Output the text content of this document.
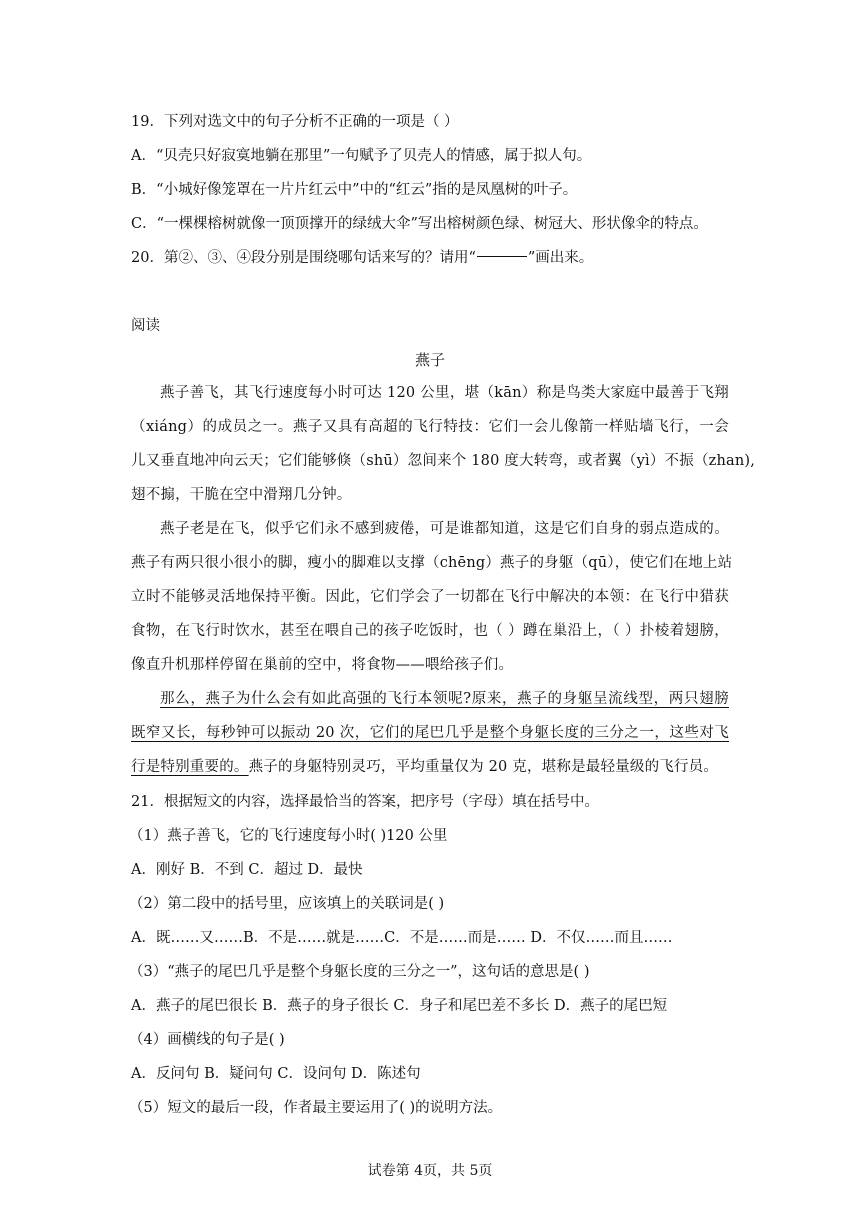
19．下列对选文中的句子分析不正确的一项是（ ）
A．“贝壳只好寂寞地躺在那里”一句赋予了贝壳人的情感，属于拟人句。
B．“小城好像笼罩在一片片红云中”中的“红云”指的是凤凰树的叶子。
C．“一棵棵榕树就像一顶顶撑开的绿绒大伞”写出榕树颜色绿、树冠大、形状像伞的特点。
20．第②、③、④段分别是围绕哪句话来写的？请用“	”画出来。
阅读
燕子
燕子善飞，其飞行速度每小时可达 120 公里，堪（kān）称是鸟类大家庭中最善于飞翔
（xiáng）的成员之一。燕子又具有高超的飞行特技：它们一会儿像箭一样贴墙飞行，一会
儿又垂直地冲向云天；它们能够倏（shū）忽间来个 180 度大转弯，或者翼（yì）不振（zhan),
翅不搧，干脆在空中滑翔几分钟。
燕子老是在飞，似乎它们永不感到疲倦，可是谁都知道，这是它们自身的弱点造成的。
燕子有两只很小很小的脚，瘦小的脚难以支撑（chēng）燕子的身躯（qū），使它们在地上站
立时不能够灵活地保持平衡。因此，它们学会了一切都在飞行中解决的本领：在飞行中猎获
食物，在飞行时饮水，甚至在喂自己的孩子吃饭时，也（ ）蹲在巢沿上，（ ）扑棱着翅膀，
像直升机那样停留在巢前的空中，将食物——喂给孩子们。
那么，燕子为什么会有如此高强的飞行本领呢?原来，燕子的身躯呈流线型，两只翅膀
既窄又长，每秒钟可以振动 20 次，它们的尾巴几乎是整个身躯长度的三分之一，这些对飞
行是特别重要的。燕子的身躯特别灵巧，平均重量仅为 20 克，堪称是最轻量级的飞行员。
21．根据短文的内容，选择最恰当的答案，把序号（字母）填在括号中。
（1）燕子善飞，它的飞行速度每小时( )120 公里
A．刚好 B．不到 C．超过 D．最快
（2）第二段中的括号里，应该填上的关联词是( )
A．既……又……B．不是……就是……C．不是……而是…… D．不仅……而且……
（3）“燕子的尾巴几乎是整个身躯长度的三分之一”，这句话的意思是( )
A．燕子的尾巴很长 B．燕子的身子很长 C．身子和尾巴差不多长 D．燕子的尾巴短
（4）画横线的句子是( )
A．反问句 B．疑问句 C．设问句 D．陈述句
（5）短文的最后一段，作者最主要运用了( )的说明方法。
试卷第 4页，共 5页
